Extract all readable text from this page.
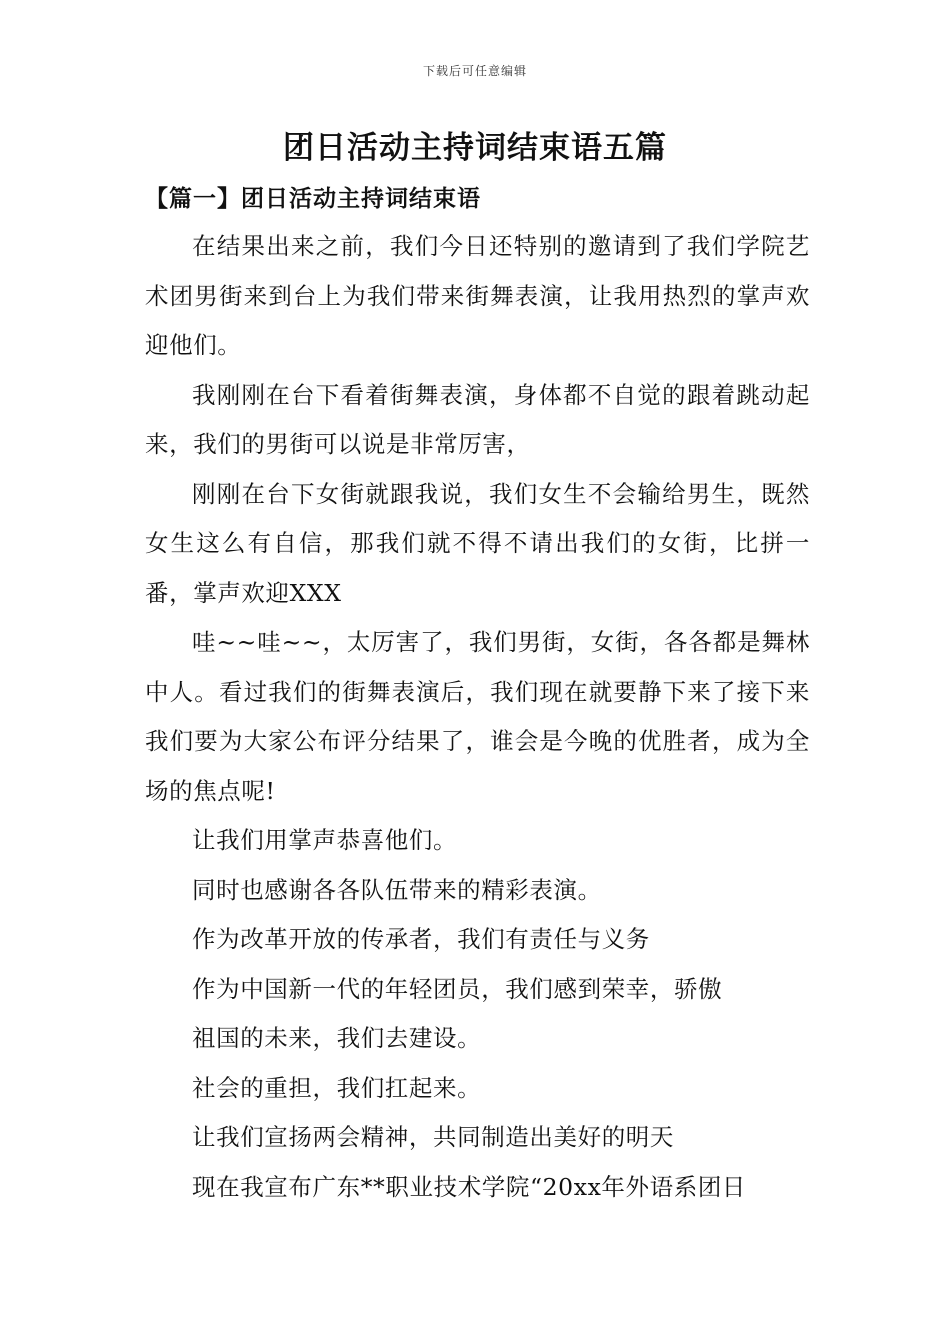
下载后可任意编辑
团日活动主持词结束语五篇
【篇一】团日活动主持词结束语

在结果出来之前，我们今日还特别的邀请到了我们学院艺术团男街来到台上为我们带来街舞表演，让我用热烈的掌声欢迎他们。

我刚刚在台下看着街舞表演，身体都不自觉的跟着跳动起来，我们的男街可以说是非常厉害，

刚刚在台下女街就跟我说，我们女生不会输给男生，既然女生这么有自信，那我们就不得不请出我们的女街，比拼一番，掌声欢迎XXX

哇~~哇~~，太厉害了，我们男街，女街，各各都是舞林中人。看过我们的街舞表演后，我们现在就要静下来了接下来我们要为大家公布评分结果了，谁会是今晚的优胜者，成为全场的焦点呢!

让我们用掌声恭喜他们。

同时也感谢各各队伍带来的精彩表演。

作为改革开放的传承者，我们有责任与义务

作为中国新一代的年轻团员，我们感到荣幸，骄傲

祖国的未来，我们去建设。

社会的重担，我们扛起来。

让我们宣扬两会精神，共同制造出美好的明天

现在我宣布广东**职业技术学院“20xx年外语系团日
